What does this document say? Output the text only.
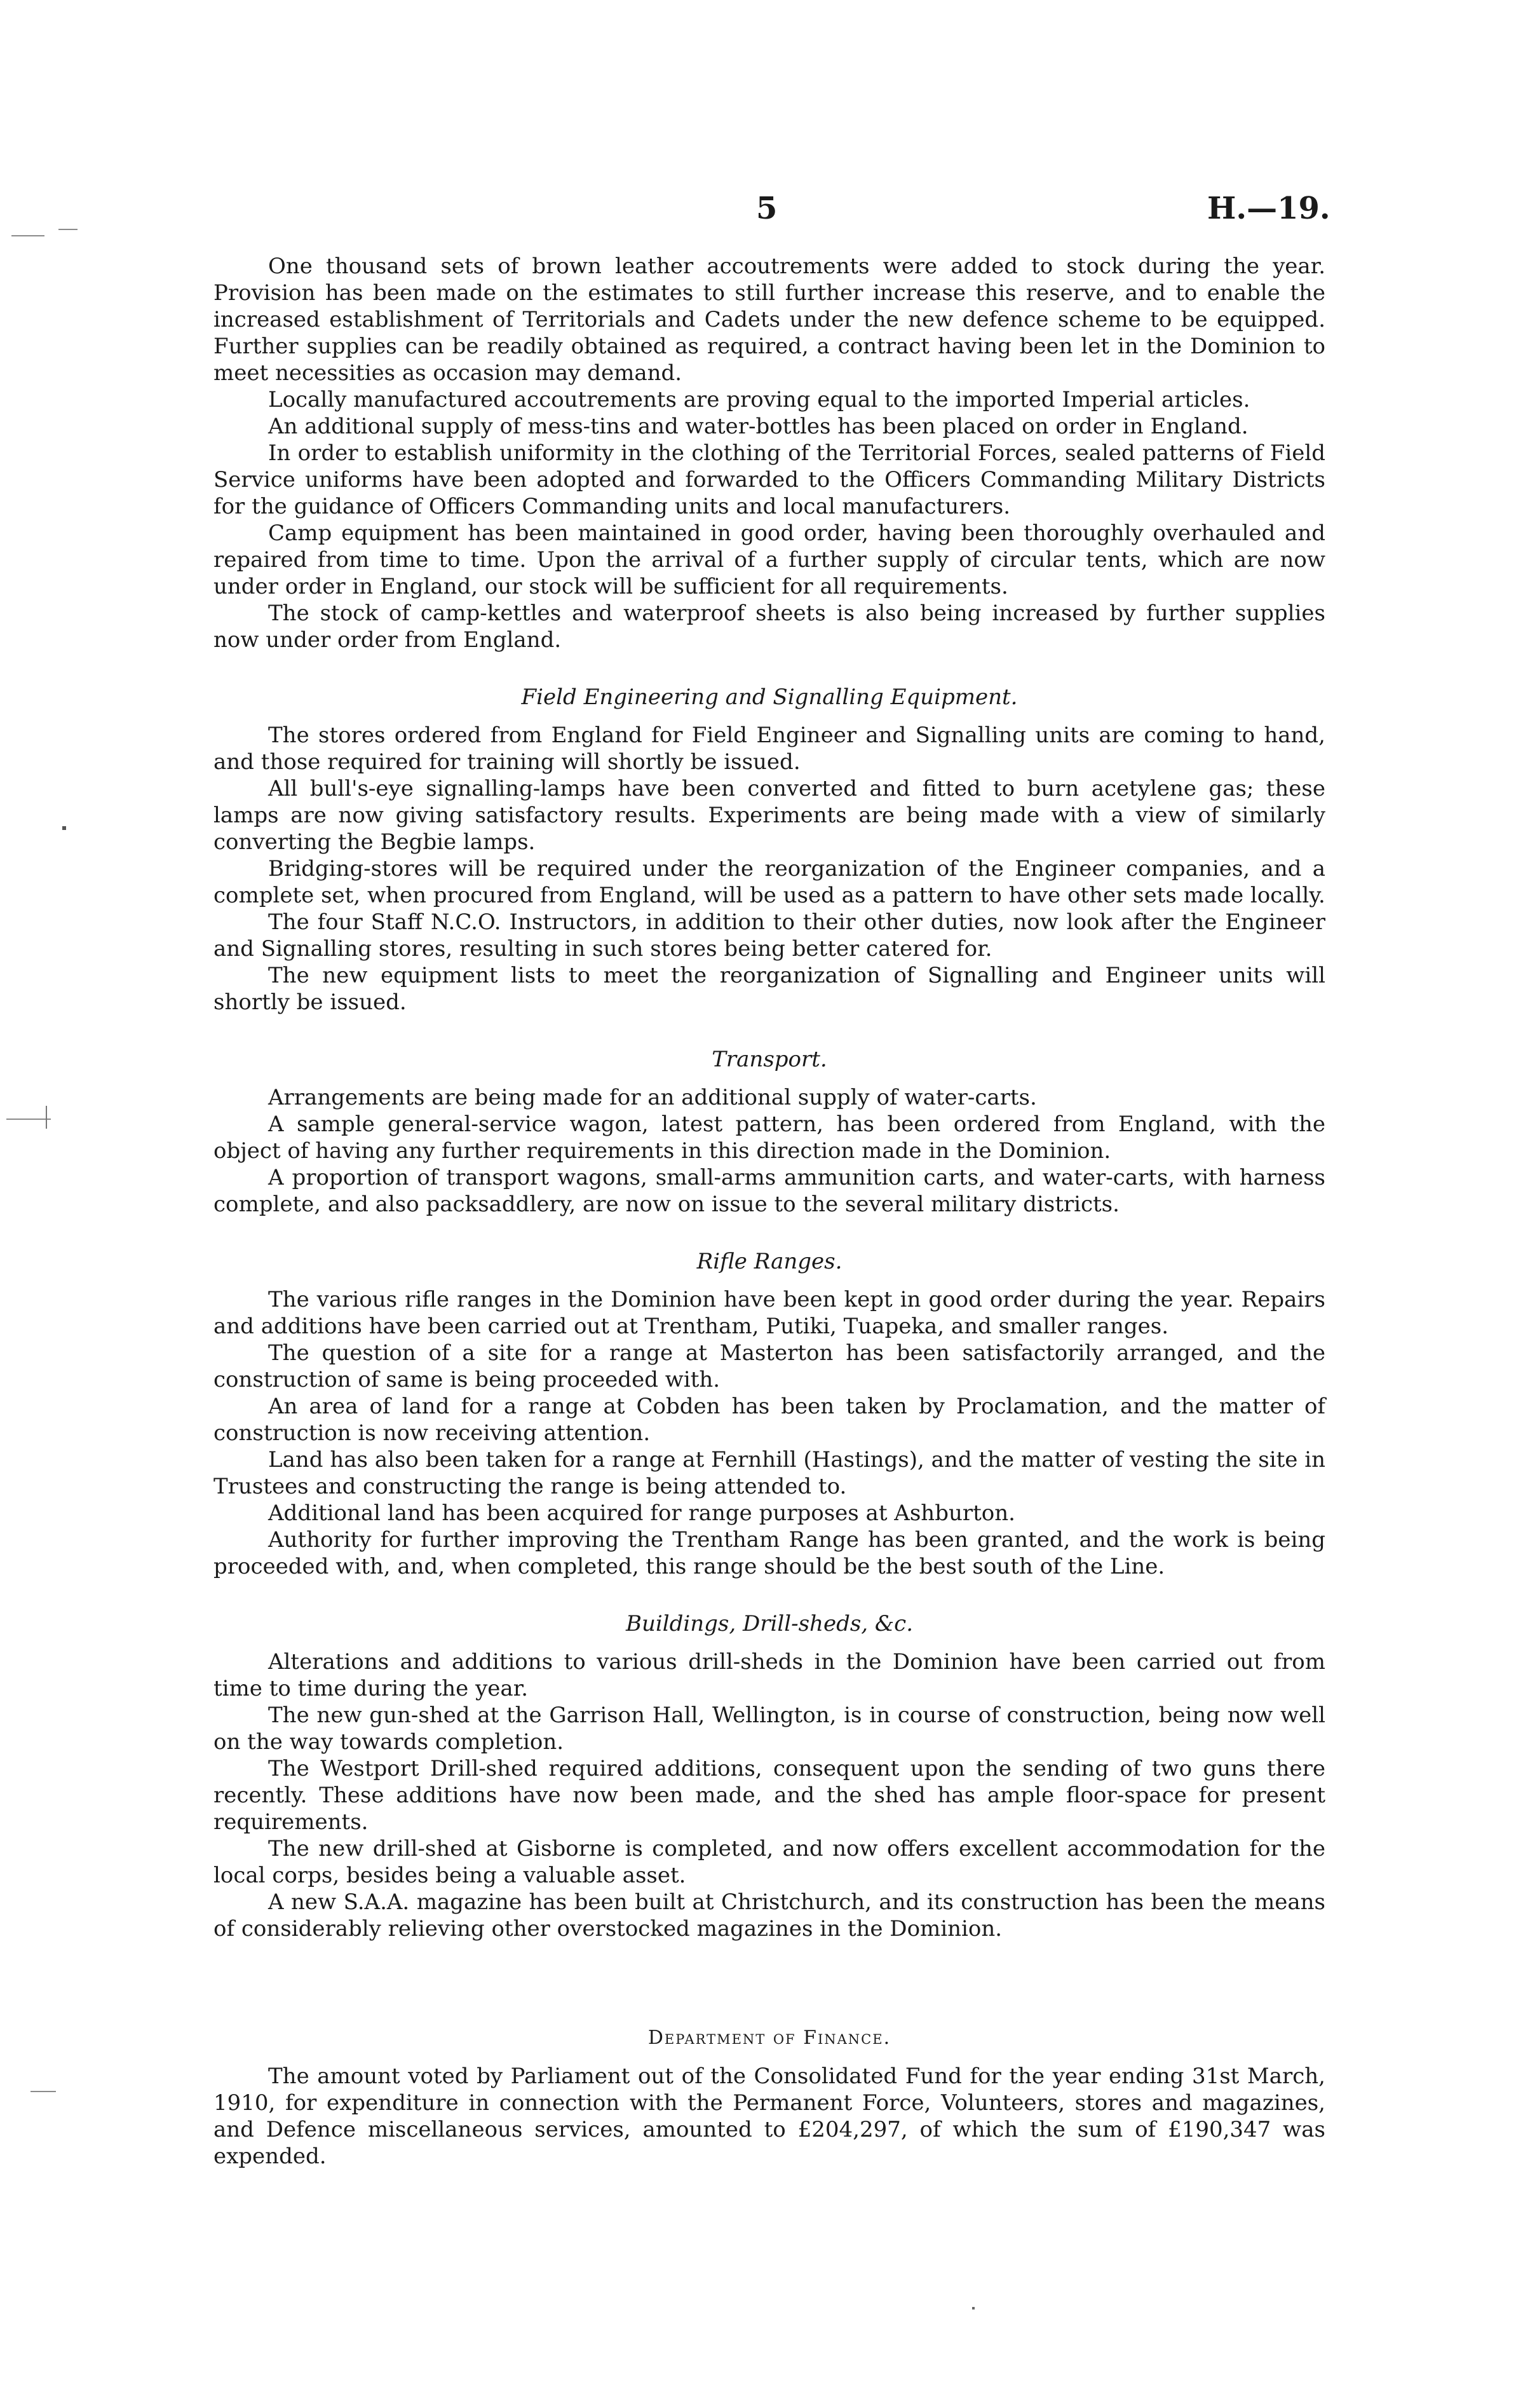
5	H.—19.

One thousand sets of brown leather accoutrements were added to stock during the year. Provision has been made on the estimates to still further increase this reserve, and to enable the increased establishment of Territorials and Cadets under the new defence scheme to be equipped. Further supplies can be readily obtained as required, a contract having been let in the Dominion to meet necessities as occasion may demand.

Locally manufactured accoutrements are proving equal to the imported Imperial articles.

An additional supply of mess-tins and water-bottles has been placed on order in England.

In order to establish uniformity in the clothing of the Territorial Forces, sealed patterns of Field Service uniforms have been adopted and forwarded to the Officers Commanding Military Districts for the guidance of Officers Commanding units and local manufacturers.

Camp equipment has been maintained in good order, having been thoroughly overhauled and repaired from time to time. Upon the arrival of a further supply of circular tents, which are now under order in England, our stock will be sufficient for all requirements.

The stock of camp-kettles and waterproof sheets is also being increased by further supplies now under order from England.

Field Engineering and Signalling Equipment.

The stores ordered from England for Field Engineer and Signalling units are coming to hand, and those required for training will shortly be issued.

All bull's-eye signalling-lamps have been converted and fitted to burn acetylene gas; these lamps are now giving satisfactory results. Experiments are being made with a view of similarly converting the Begbie lamps.

Bridging-stores will be required under the reorganization of the Engineer companies, and a complete set, when procured from England, will be used as a pattern to have other sets made locally.

The four Staff N.C.O. Instructors, in addition to their other duties, now look after the Engineer and Signalling stores, resulting in such stores being better catered for.

The new equipment lists to meet the reorganization of Signalling and Engineer units will shortly be issued.

Transport.

Arrangements are being made for an additional supply of water-carts.

A sample general-service wagon, latest pattern, has been ordered from England, with the object of having any further requirements in this direction made in the Dominion.

A proportion of transport wagons, small-arms ammunition carts, and water-carts, with harness complete, and also packsaddlery, are now on issue to the several military districts.

Rifle Ranges.

The various rifle ranges in the Dominion have been kept in good order during the year. Repairs and additions have been carried out at Trentham, Putiki, Tuapeka, and smaller ranges.

The question of a site for a range at Masterton has been satisfactorily arranged, and the construction of same is being proceeded with.

An area of land for a range at Cobden has been taken by Proclamation, and the matter of construction is now receiving attention.

Land has also been taken for a range at Fernhill (Hastings), and the matter of vesting the site in Trustees and constructing the range is being attended to.

Additional land has been acquired for range purposes at Ashburton.

Authority for further improving the Trentham Range has been granted, and the work is being proceeded with, and, when completed, this range should be the best south of the Line.

Buildings, Drill-sheds, &c.

Alterations and additions to various drill-sheds in the Dominion have been carried out from time to time during the year.

The new gun-shed at the Garrison Hall, Wellington, is in course of construction, being now well on the way towards completion.

The Westport Drill-shed required additions, consequent upon the sending of two guns there recently. These additions have now been made, and the shed has ample floor-space for present requirements.

The new drill-shed at Gisborne is completed, and now offers excellent accommodation for the local corps, besides being a valuable asset.

A new S.A.A. magazine has been built at Christchurch, and its construction has been the means of considerably relieving other overstocked magazines in the Dominion.

Department of Finance.

The amount voted by Parliament out of the Consolidated Fund for the year ending 31st March, 1910, for expenditure in connection with the Permanent Force, Volunteers, stores and magazines, and Defence miscellaneous services, amounted to £204,297, of which the sum of £190,347 was expended.
